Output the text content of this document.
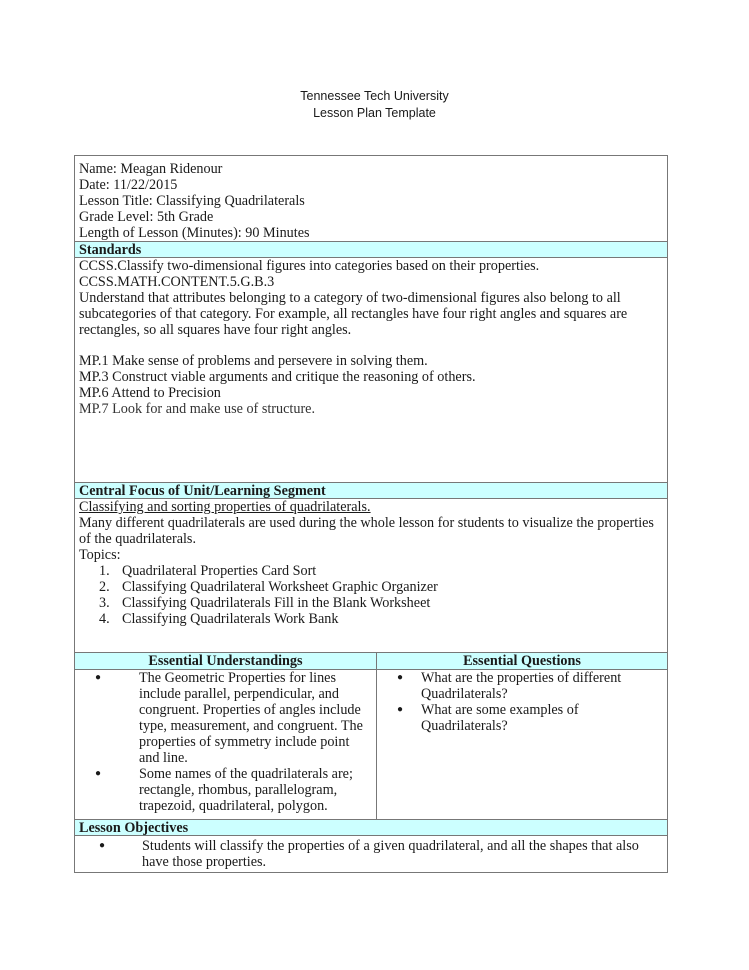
Tennessee Tech University
Lesson Plan Template
Name: Meagan Ridenour
Date: 11/22/2015
Lesson Title: Classifying Quadrilaterals
Grade Level: 5th Grade
Length of Lesson (Minutes): 90 Minutes
Standards
CCSS.Classify two-dimensional figures into categories based on their properties.
CCSS.MATH.CONTENT.5.G.B.3
Understand that attributes belonging to a category of two-dimensional figures also belong to all subcategories of that category. For example, all rectangles have four right angles and squares are rectangles, so all squares have four right angles.
MP.1 Make sense of problems and persevere in solving them.
MP.3 Construct viable arguments and critique the reasoning of others.
MP.6 Attend to Precision
MP.7 Look for and make use of structure.
Central Focus of Unit/Learning Segment
Classifying and sorting properties of quadrilaterals.
Many different quadrilaterals are used during the whole lesson for students to visualize the properties of the quadrilaterals.
Topics:
1. Quadrilateral Properties Card Sort
2. Classifying Quadrilateral Worksheet Graphic Organizer
3. Classifying Quadrilaterals Fill in the Blank Worksheet
4. Classifying Quadrilaterals Work Bank
Essential Understandings
● The Geometric Properties for lines include parallel, perpendicular, and congruent. Properties of angles include type, measurement, and congruent. The properties of symmetry include point and line.
● Some names of the quadrilaterals are; rectangle, rhombus, parallelogram, trapezoid, quadrilateral, polygon.
Essential Questions
● What are the properties of different Quadrilaterals?
● What are some examples of Quadrilaterals?
Lesson Objectives
● Students will classify the properties of a given quadrilateral, and all the shapes that also have those properties.
